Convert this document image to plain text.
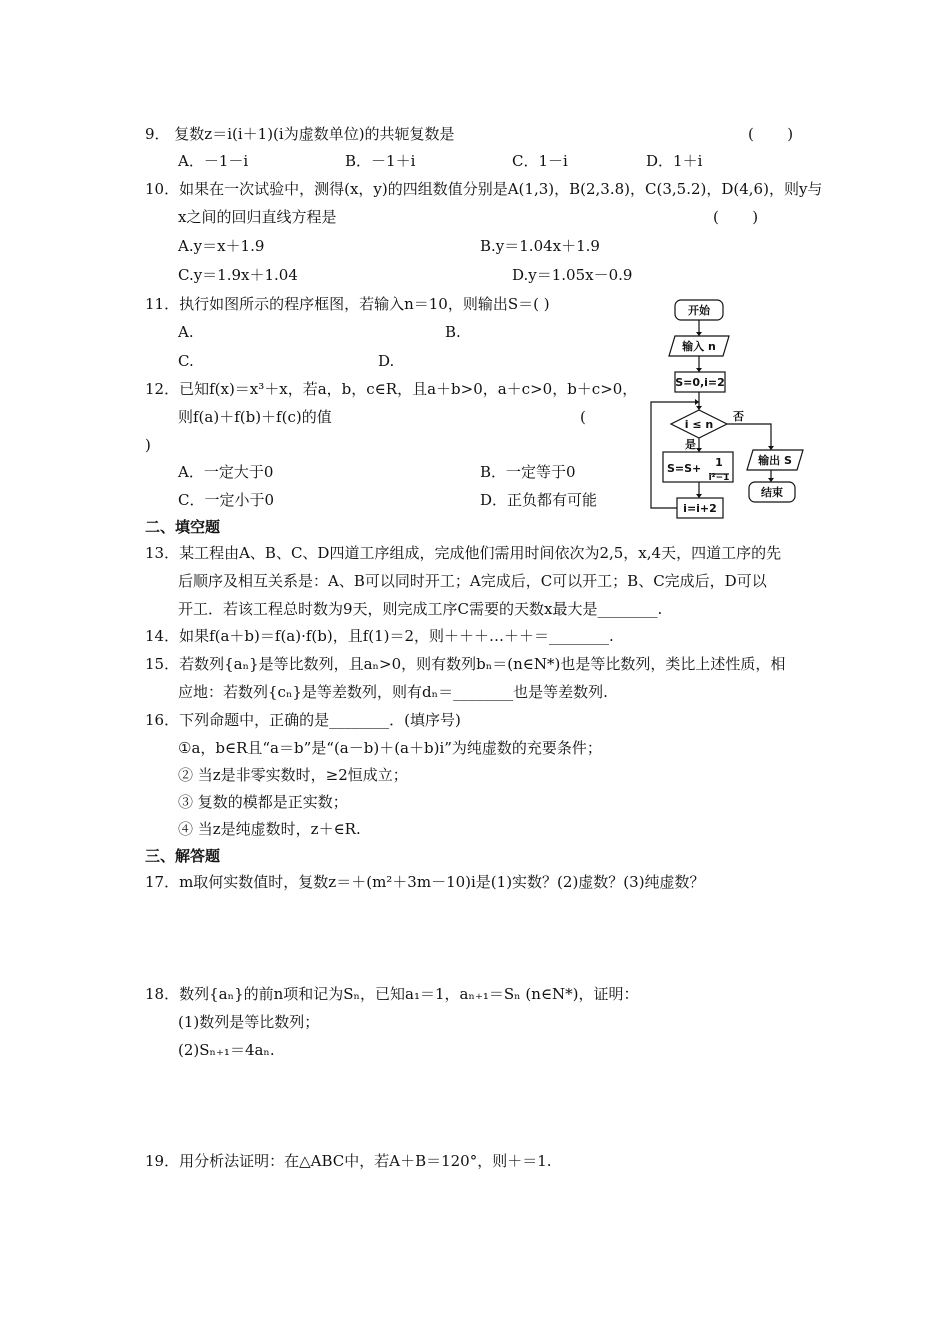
9． 复数z＝i(i＋1)(i为虚数单位)的共轭复数是	(       )
A．－1－i	B．－1＋i	C．1－i	D．1＋i
10．如果在一次试验中，测得(x，y)的四组数值分别是A(1,3)，B(2,3.8)，C(3,5.2)，D(4,6)，则y与
x之间的回归直线方程是	(       )
A.y＝x＋1.9	B.y＝1.04x＋1.9
C.y＝1.9x＋1.04	D.y＝1.05x－0.9
11．执行如图所示的程序框图，若输入n＝10，则输出S＝( )
A.	B.
C.	D.
12．已知f(x)＝x³＋x，若a，b，c∈R，且a＋b>0，a＋c>0，b＋c>0，
则f(a)＋f(b)＋f(c)的值	(
)
A．一定大于0	B．一定等于0
C．一定小于0	D．正负都有可能
开始
输入 n
S=0,i=2
i ≤ n
否
是
S=S+ 1
i²−1
输出 S
结束
i=i+2
二、填空题
13．某工程由A、B、C、D四道工序组成，完成他们需用时间依次为2,5，x,4天，四道工序的先
后顺序及相互关系是：A、B可以同时开工；A完成后，C可以开工；B、C完成后，D可以
开工．若该工程总时数为9天，则完成工序C需要的天数x最大是________.
14．如果f(a＋b)＝f(a)·f(b)，且f(1)＝2，则＋＋＋…＋＋＝________.
15．若数列{aₙ}是等比数列，且aₙ>0，则有数列bₙ＝(n∈N*)也是等比数列，类比上述性质，相
应地：若数列{cₙ}是等差数列，则有dₙ＝________也是等差数列.
16．下列命题中，正确的是________．(填序号)
①a，b∈R且“a＝b”是“(a－b)＋(a＋b)i”为纯虚数的充要条件；
② 当z是非零实数时，≥2恒成立；
③ 复数的模都是正实数；
④ 当z是纯虚数时，z＋∈R.
三、解答题
17．m取何实数值时，复数z＝＋(m²＋3m－10)i是(1)实数？(2)虚数？(3)纯虚数？
18．数列{aₙ}的前n项和记为Sₙ，已知a₁＝1，aₙ₊₁＝Sₙ (n∈N*)，证明：
(1)数列是等比数列；
(2)Sₙ₊₁＝4aₙ.
19．用分析法证明：在△ABC中，若A＋B＝120°，则＋＝1.
